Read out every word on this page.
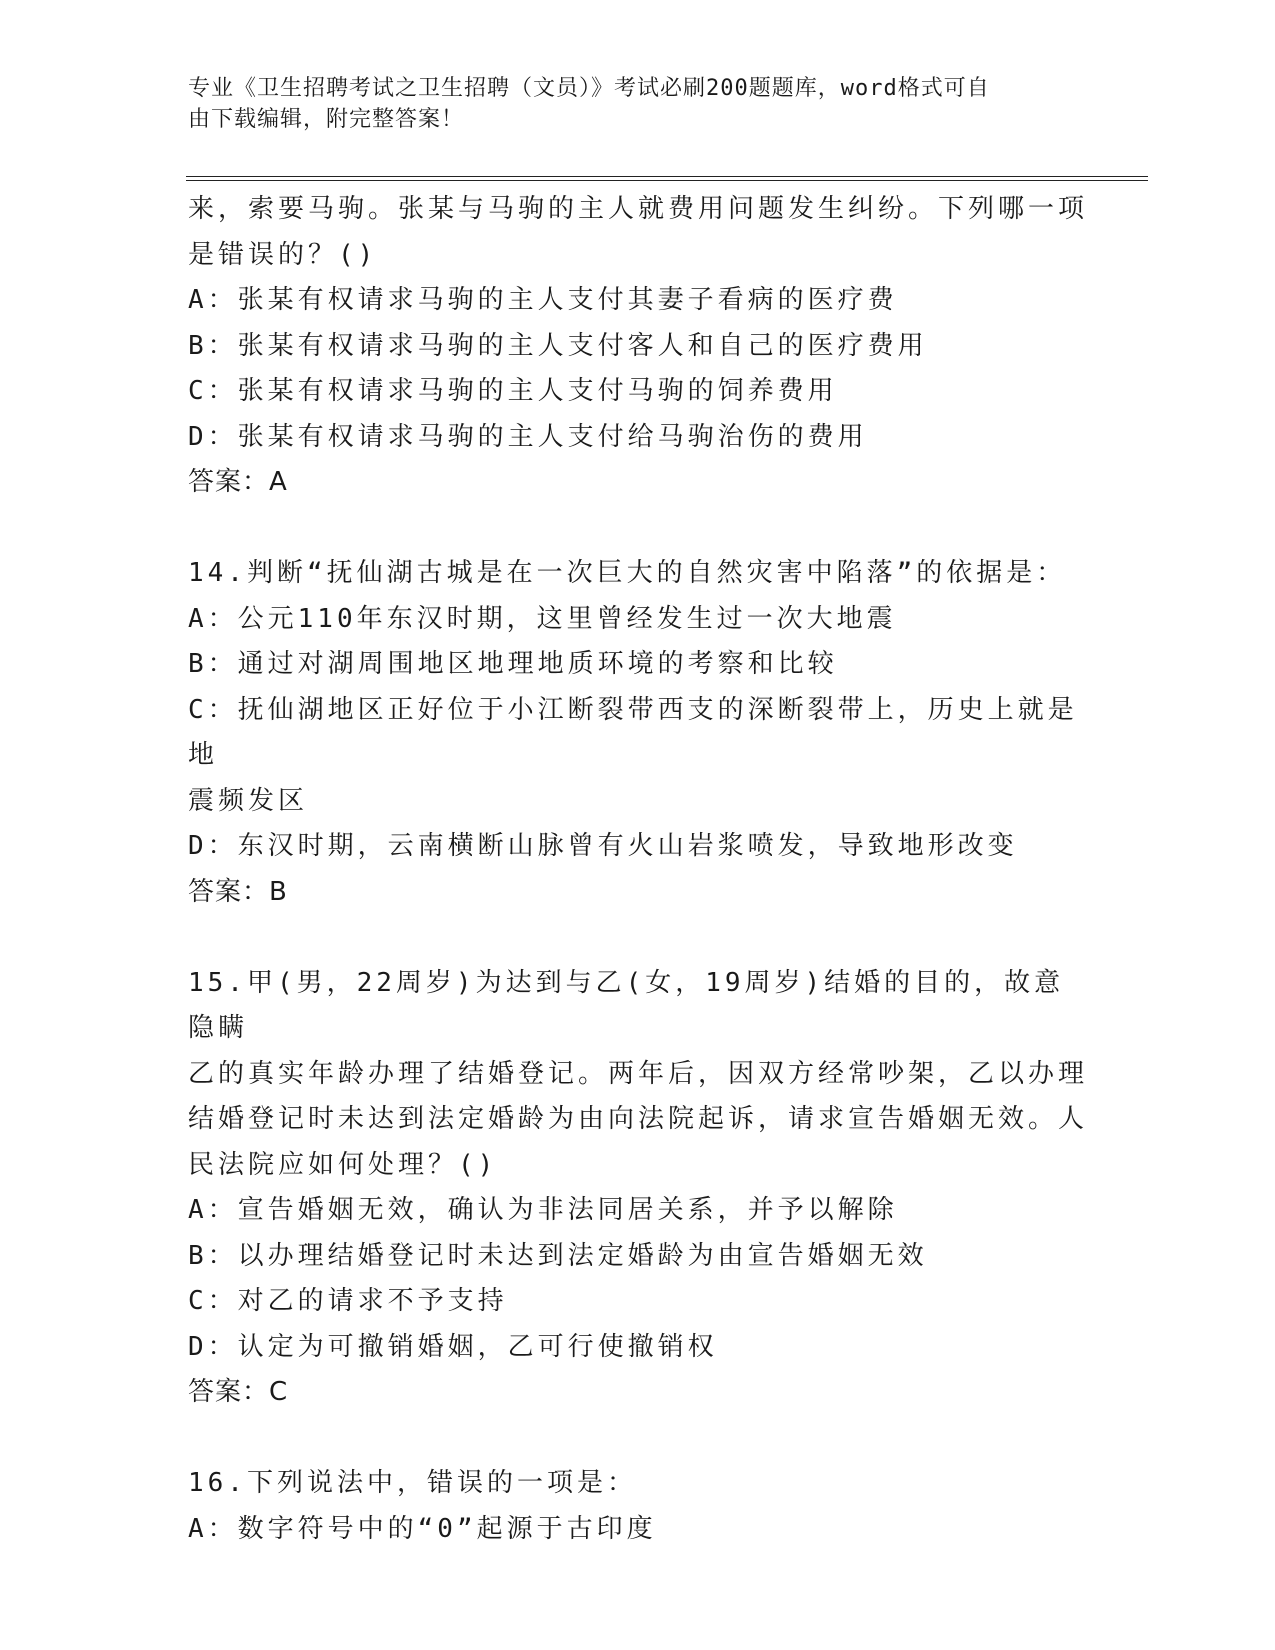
专业《卫生招聘考试之卫生招聘（文员）》考试必刷200题题库，word格式可自
由下载编辑，附完整答案！
来，索要马驹。张某与马驹的主人就费用问题发生纠纷。下列哪一项
是错误的？()
A：张某有权请求马驹的主人支付其妻子看病的医疗费
B：张某有权请求马驹的主人支付客人和自己的医疗费用
C：张某有权请求马驹的主人支付马驹的饲养费用
D：张某有权请求马驹的主人支付给马驹治伤的费用
答案：A
14.判断“抚仙湖古城是在一次巨大的自然灾害中陷落”的依据是：
A：公元110年东汉时期，这里曾经发生过一次大地震
B：通过对湖周围地区地理地质环境的考察和比较
C：抚仙湖地区正好位于小江断裂带西支的深断裂带上，历史上就是地
震频发区
D：东汉时期，云南横断山脉曾有火山岩浆喷发，导致地形改变
答案：B
15.甲(男，22周岁)为达到与乙(女，19周岁)结婚的目的，故意隐瞒
乙的真实年龄办理了结婚登记。两年后，因双方经常吵架，乙以办理
结婚登记时未达到法定婚龄为由向法院起诉，请求宣告婚姻无效。人
民法院应如何处理？()
A：宣告婚姻无效，确认为非法同居关系，并予以解除
B：以办理结婚登记时未达到法定婚龄为由宣告婚姻无效
C：对乙的请求不予支持
D：认定为可撤销婚姻，乙可行使撤销权
答案：C
16.下列说法中，错误的一项是：
A：数字符号中的“0”起源于古印度
